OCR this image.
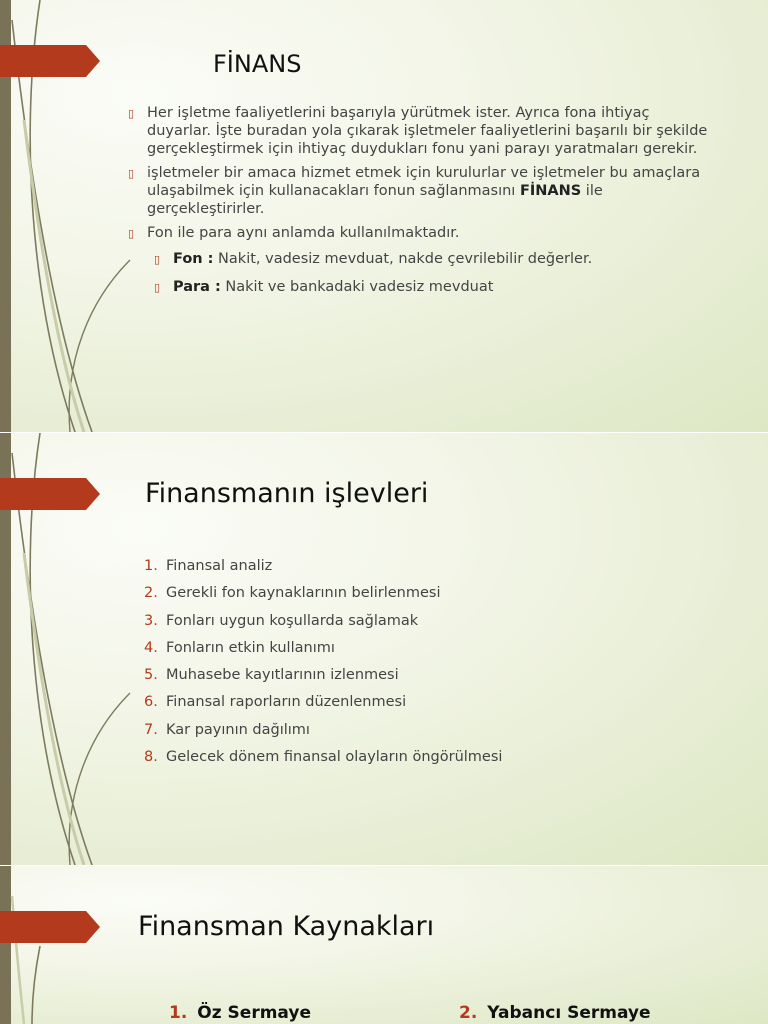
FİNANS
▯ Her işletme faaliyetlerini başarıyla yürütmek ister. Ayrıca fona ihtiyaç duyarlar. İşte buradan yola çıkarak işletmeler faaliyetlerini başarılı bir şekilde gerçekleştirmek için ihtiyaç duydukları fonu yani parayı yaratmaları gerekir.
▯ işletmeler bir amaca hizmet etmek için kurulurlar ve işletmeler bu amaçlara ulaşabilmek için kullanacakları fonun sağlanmasını FİNANS ile gerçekleştirirler.
▯ Fon ile para aynı anlamda kullanılmaktadır.
▯ Fon : Nakit, vadesiz mevduat, nakde çevrilebilir değerler.
▯ Para : Nakit ve bankadaki vadesiz mevduat
Finansmanın işlevleri
1. Finansal analiz
2. Gerekli fon kaynaklarının belirlenmesi
3. Fonları uygun koşullarda sağlamak
4. Fonların etkin kullanımı
5. Muhasebe kayıtlarının izlenmesi
6. Finansal raporların düzenlenmesi
7. Kar payının dağılımı
8. Gelecek dönem finansal olayların öngörülmesi
Finansman Kaynakları
1. Öz Sermaye	2. Yabancı Sermaye
